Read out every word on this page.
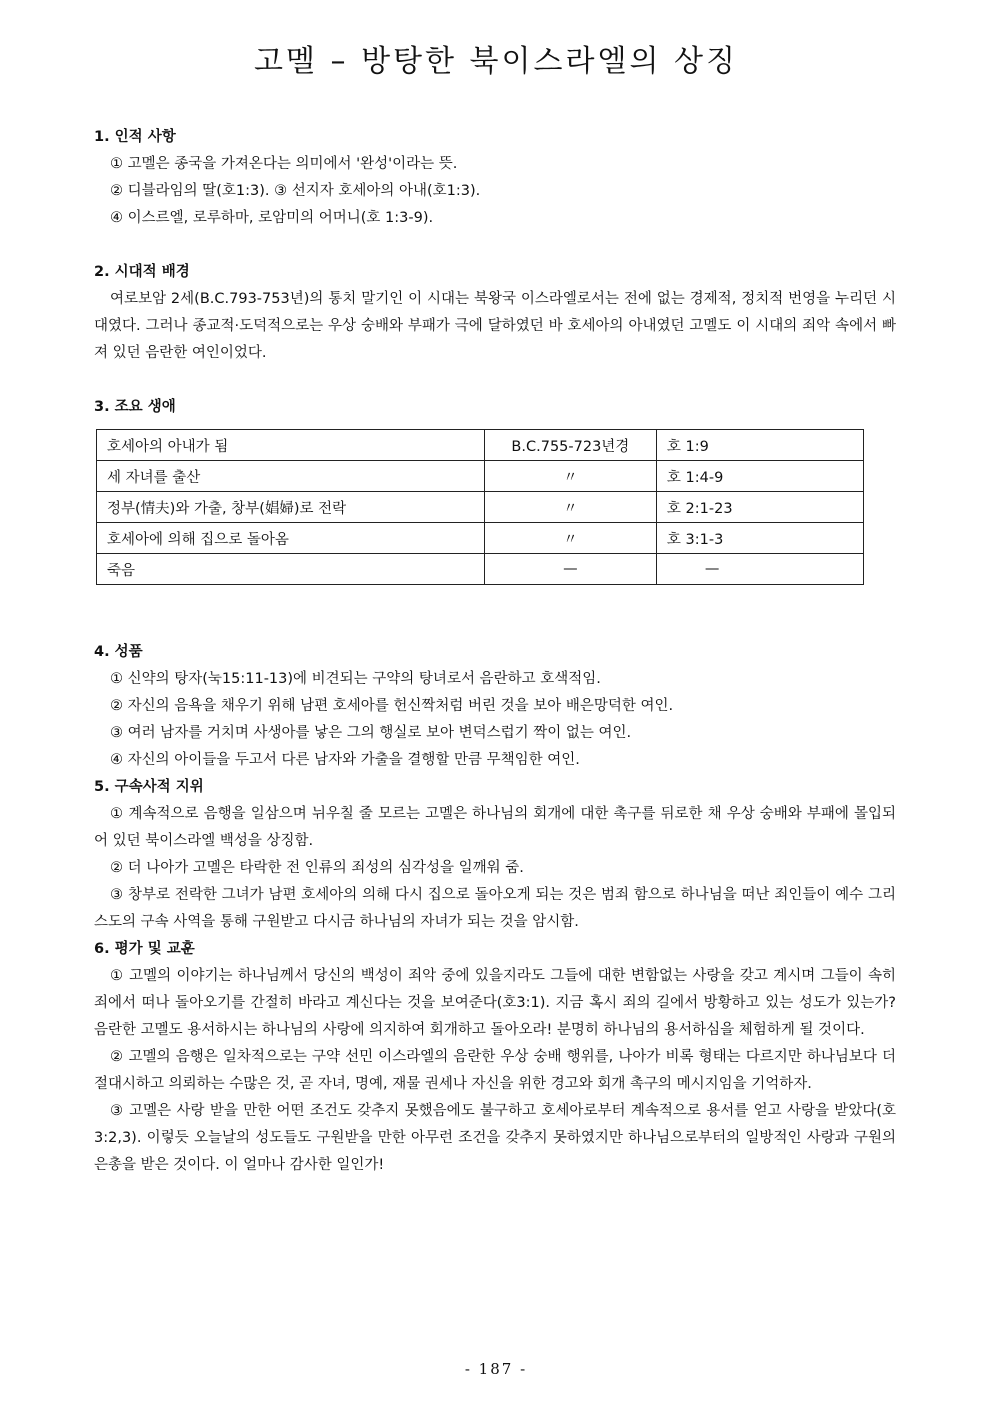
고멜 – 방탕한 북이스라엘의 상징
1. 인적 사항
① 고멜은 종국을 가져온다는 의미에서 '완성'이라는 뜻.
② 디블라임의 딸(호1:3). ③ 선지자 호세아의 아내(호1:3).
④ 이스르엘, 로루하마, 로암미의 어머니(호 1:3-9).
2. 시대적 배경

여로보암 2세(B.C.793-753년)의 통치 말기인 이 시대는 북왕국 이스라엘로서는 전에 없는 경제적, 정치적 번영을 누리던 시대였다. 그러나 종교적·도덕적으로는 우상 숭배와 부패가 극에 달하였던 바 호세아의 아내였던 고멜도 이 시대의 죄악 속에서 빠져 있던 음란한 여인이었다.

3. 조요 생애
호세아의 아내가 됨	B.C.755-723년경	호 1:9
세 자녀를 출산	〃	호 1:4-9
정부(情夫)와 가출, 창부(娼婦)로 전락	〃	호 2:1-23
호세아에 의해 집으로 돌아옴	〃	호 3:1-3
죽음	—	—
4. 성품
① 신약의 탕자(눅15:11-13)에 비견되는 구약의 탕녀로서 음란하고 호색적임.
② 자신의 음욕을 채우기 위해 남편 호세아를 헌신짝처럼 버린 것을 보아 배은망덕한 여인.
③ 여러 남자를 거치며 사생아를 낳은 그의 행실로 보아 변덕스럽기 짝이 없는 여인.
④ 자신의 아이들을 두고서 다른 남자와 가출을 결행할 만큼 무책임한 여인.
5. 구속사적 지위

① 계속적으로 음행을 일삼으며 뉘우칠 줄 모르는 고멜은 하나님의 회개에 대한 촉구를 뒤로한 채 우상 숭배와 부패에 몰입되어 있던 북이스라엘 백성을 상징함.

② 더 나아가 고멜은 타락한 전 인류의 죄성의 심각성을 일깨워 줌.

③ 창부로 전락한 그녀가 남편 호세아의 의해 다시 집으로 돌아오게 되는 것은 범죄 함으로 하나님을 떠난 죄인들이 예수 그리스도의 구속 사역을 통해 구원받고 다시금 하나님의 자녀가 되는 것을 암시함.

6. 평가 및 교훈

① 고멜의 이야기는 하나님께서 당신의 백성이 죄악 중에 있을지라도 그들에 대한 변함없는 사랑을 갖고 계시며 그들이 속히 죄에서 떠나 돌아오기를 간절히 바라고 계신다는 것을 보여준다(호3:1). 지금 혹시 죄의 길에서 방황하고 있는 성도가 있는가? 음란한 고멜도 용서하시는 하나님의 사랑에 의지하여 회개하고 돌아오라! 분명히 하나님의 용서하심을 체험하게 될 것이다.

② 고멜의 음행은 일차적으로는 구약 선민 이스라엘의 음란한 우상 숭배 행위를, 나아가 비록 형태는 다르지만 하나님보다 더 절대시하고 의뢰하는 수많은 것, 곧 자녀, 명예, 재물 권세나 자신을 위한 경고와 회개 촉구의 메시지임을 기억하자.

③ 고멜은 사랑 받을 만한 어떤 조건도 갖추지 못했음에도 불구하고 호세아로부터 계속적으로 용서를 얻고 사랑을 받았다(호 3:2,3). 이렇듯 오늘날의 성도들도 구원받을 만한 아무런 조건을 갖추지 못하였지만 하나님으로부터의 일방적인 사랑과 구원의 은총을 받은 것이다. 이 얼마나 감사한 일인가!

- 187 -
